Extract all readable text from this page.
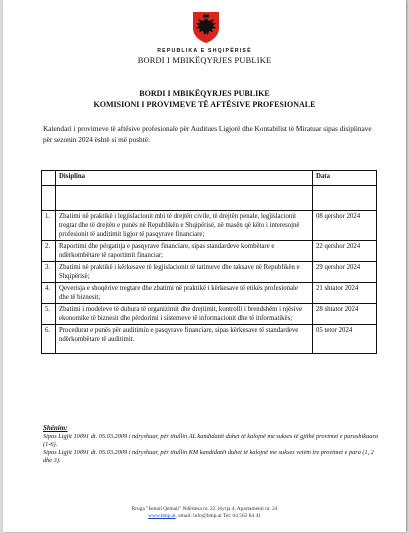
REPUBLIKA E SHQIPËRISË
BORDI I MBIKËQYRJES PUBLIKE
BORDI I MBIKËQYRJES PUBLIKE
KOMISIONI I PROVIMEVE TË AFTËSIVE PROFESIONALE
Kalendari i provimeve të aftësive profesionale për Auditues Ligjorë dhe Kontabilist të Miratuar sipas disiplinave për sezonin 2024 është si më poshtë:
	Disiplina	Data

1.	Zbatimi në praktikë i legjislacionit mbi të drejtën civile, të drejtën penale, legjislacionit tregtar dhe të drejtën e punës në Republikën e Shqipërisë, në masën që këto i interesojnë profesionit të auditimit ligjor të pasqyrave financiare;	08 qershor 2024
2.	Raportimi dhe përgatitja e pasqyrave financiare, sipas standardeve kombëtare e ndërkombëtare të raportimit financiar;	22 qershor 2024
3.	Zbatimi në praktikë i kërkesave të legjislacionit të tatimeve dhe taksave në Republikën e Shqipërisë;	29 qershor 2024
4.	Qeverisja e shoqërive tregtare dhe zbatimi në praktikë i kërkesave të etikës profesionale dhe të biznesit;	21 shtator 2024
5.	Zbatimi i modeleve të duhura të organizimit dhe drejtimit, kontrolli i brendshëm i njësive ekonomike të biznesit dhe përdorimi i sistemeve të informacionit dhe të informatikës;	28 shtator 2024
6.	Procedurat e punës për auditimin e pasqyrave financiare, sipas kërkesave të standardeve ndërkombëtare të auditimit.	05 tetor 2024
Shënim:
Sipas Ligjit 10091 dt. 05.03.2009 i ndryshuar, për titullin AL kandidatët duhet të kalojnë me sukses të gjithë provimet e parashikuara (1-6).
Sipas Ligjit 10091 dt. 05.03.2009 i ndryshuar, për titullin KM kandidatët duhet të kalojnë me sukses vetëm tre provimet e para (1, 2 dhe 3).
Rruga "Ismail Qemali" Ndërtesa nr. 22, Hyrja 4, Apartamenti nr. 24
www.bmp.al, email: info@bmp.al Tel: 04 562 84 41
